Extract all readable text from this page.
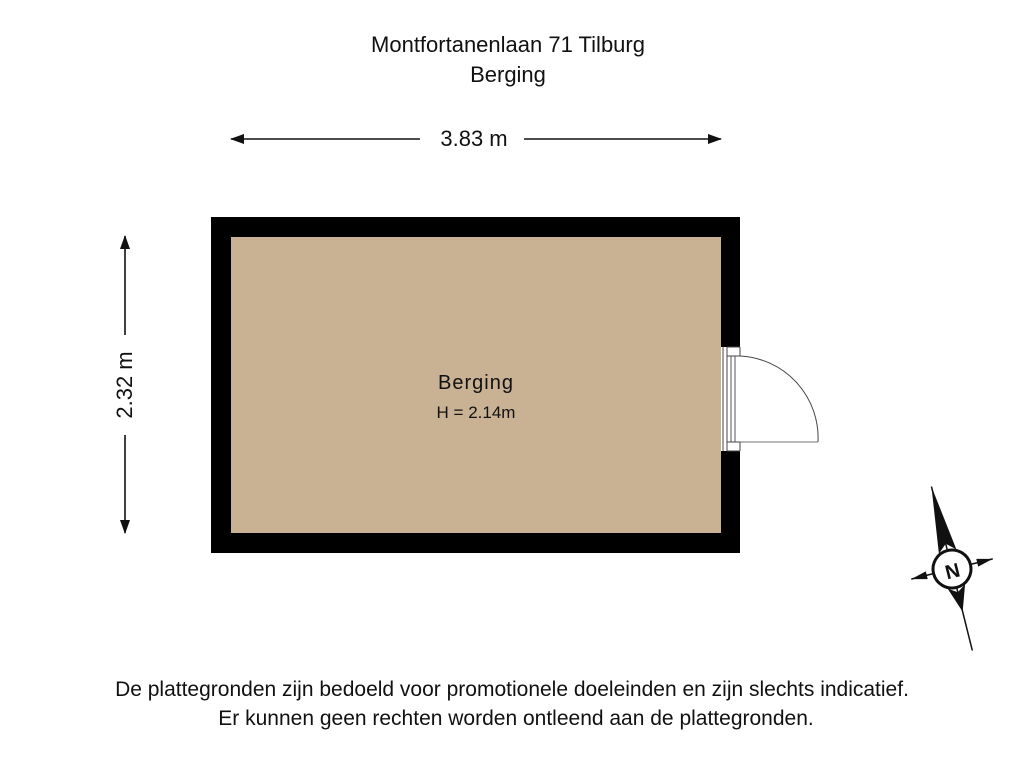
Montfortanenlaan 71 Tilburg
Berging
N
3.83 m
2.32 m	Berging
H = 2.14m
De plattegronden zijn bedoeld voor promotionele doeleinden en zijn slechts indicatief.
Er kunnen geen rechten worden ontleend aan de plattegronden.
